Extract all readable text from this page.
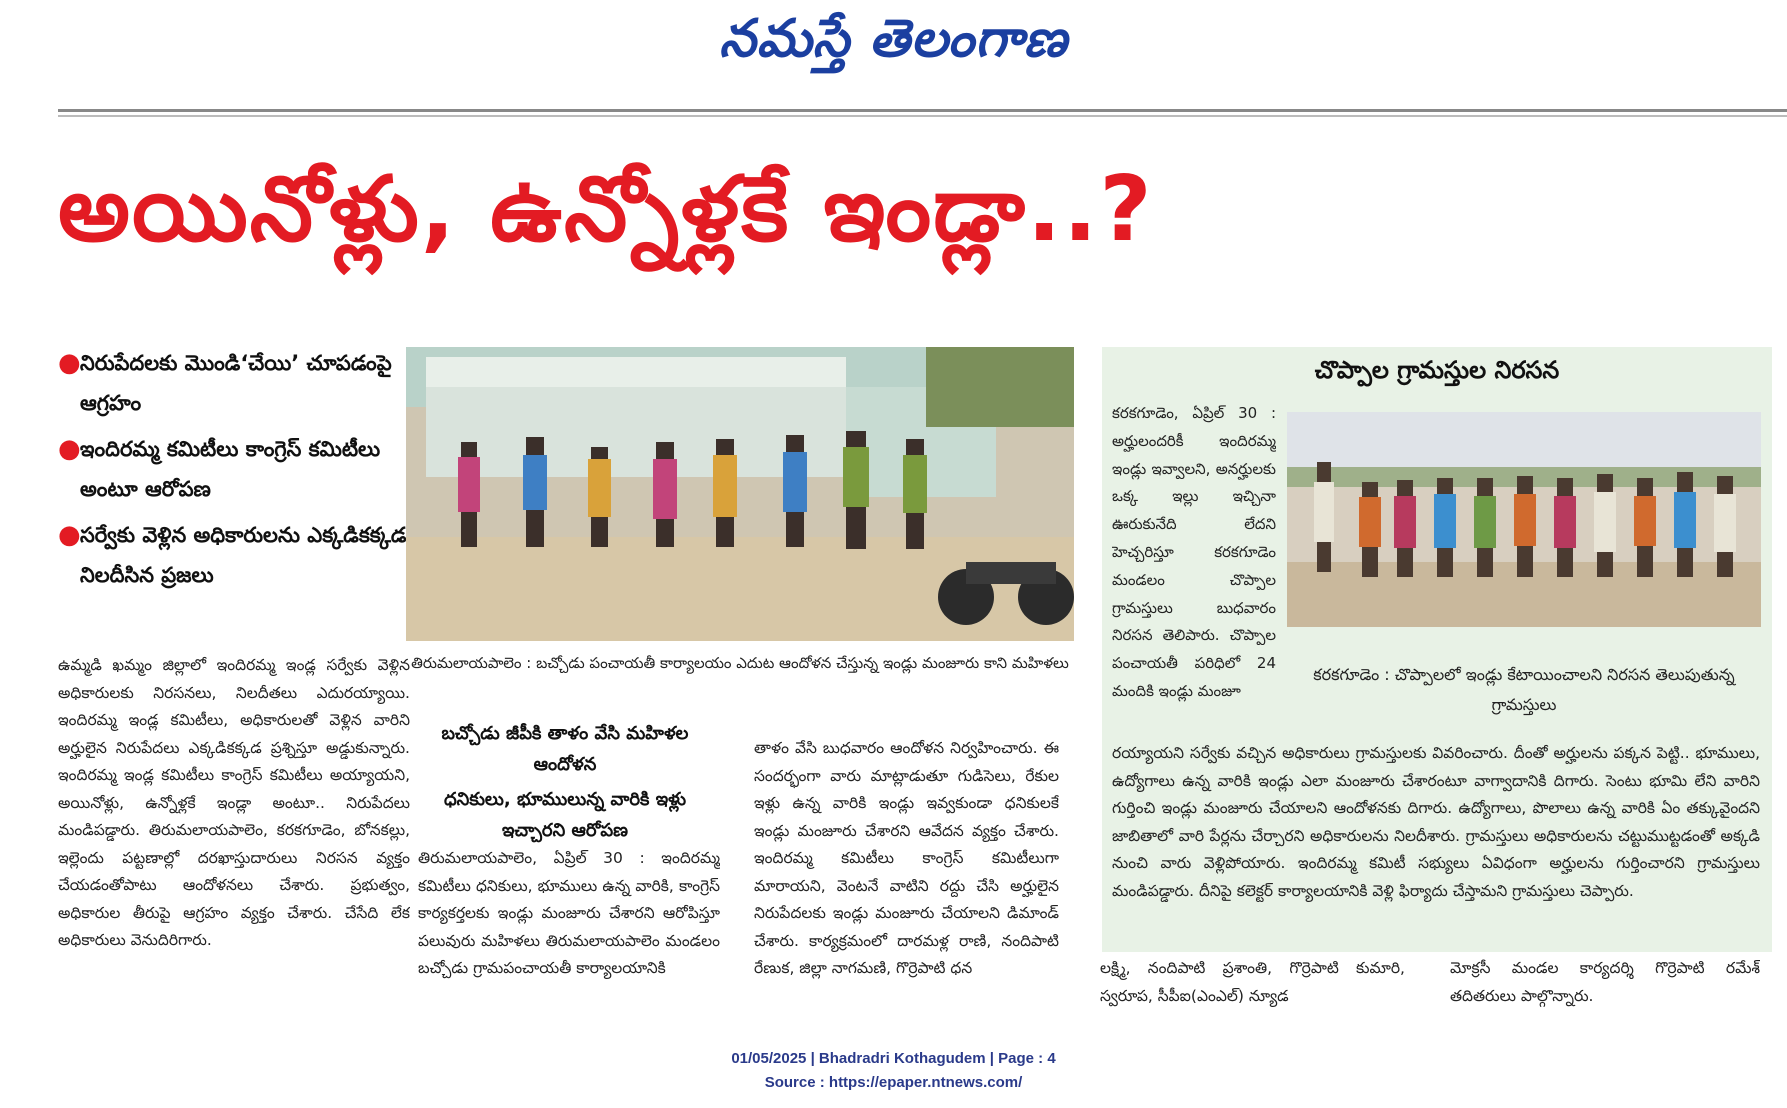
నమస్తే తెలంగాణ
అయినోళ్లు, ఉన్నోళ్లకే ఇండ్లా..?
● నిరుపేదలకు మొండి‘చేయి’ చూపడంపై ఆగ్రహం
● ఇందిరమ్మ కమిటీలు కాంగ్రెస్ కమిటీలు అంటూ ఆరోపణ
● సర్వేకు వెళ్లిన అధికారులను ఎక్కడికక్కడ నిలదీసిన ప్రజలు
ఉమ్మడి ఖమ్మం జిల్లాలో ఇందిరమ్మ ఇండ్ల సర్వేకు వెళ్లిన అధికారులకు నిరసనలు, నిలదీతలు ఎదురయ్యాయి. ఇందిరమ్మ ఇండ్ల కమిటీలు, అధికారులతో వెళ్లిన వారిని అర్హులైన నిరుపేదలు ఎక్కడికక్కడ ప్రశ్నిస్తూ అడ్డుకున్నారు. ఇందిరమ్మ ఇండ్ల కమిటీలు కాంగ్రెస్ కమిటీలు అయ్యాయని, అయినోళ్లు, ఉన్నోళ్లకే ఇండ్లా అంటూ.. నిరుపేదలు మండిపడ్డారు. తిరుమలాయపాలెం, కరకగూడెం, బోనకల్లు, ఇల్లెందు పట్టణాల్లో దరఖాస్తుదారులు నిరసన వ్యక్తం చేయడంతోపాటు ఆందోళనలు చేశారు. ప్రభుత్వం, అధికారుల తీరుపై ఆగ్రహం వ్యక్తం చేశారు. చేసేది లేక అధికారులు వెనుదిరిగారు.
తిరుమలాయపాలెం : బచ్చోడు పంచాయతీ కార్యాలయం ఎదుట ఆందోళన చేస్తున్న ఇండ్లు మంజూరు కాని మహిళలు
బచ్చోడు జీపీకి తాళం వేసి మహిళల ఆందోళన
ధనికులు, భూములున్న వారికి ఇళ్లు ఇచ్చారని ఆరోపణ
తిరుమలాయపాలెం, ఏప్రిల్ 30 : ఇందిరమ్మ కమిటీలు ధనికులు, భూములు ఉన్న వారికి, కాంగ్రెస్ కార్యకర్తలకు ఇండ్లు మంజూరు చేశారని ఆరోపిస్తూ పలువురు మహిళలు తిరుమలాయపాలెం మండలం బచ్చోడు గ్రామపంచాయతీ కార్యాలయానికి
తాళం వేసి బుధవారం ఆందోళన నిర్వహించారు. ఈ సందర్భంగా వారు మాట్లాడుతూ గుడిసెలు, రేకుల ఇళ్లు ఉన్న వారికి ఇండ్లు ఇవ్వకుండా ధనికులకే ఇండ్లు మంజూరు చేశారని ఆవేదన వ్యక్తం చేశారు. ఇందిరమ్మ కమిటీలు కాంగ్రెస్ కమిటీలుగా మారాయని, వెంటనే వాటిని రద్దు చేసి అర్హులైన నిరుపేదలకు ఇండ్లు మంజూరు చేయాలని డిమాండ్ చేశారు. కార్యక్రమంలో దారమళ్ల రాణి, నందిపాటి రేణుక, జిల్లా నాగమణి, గొర్రెపాటి ధన	లక్ష్మి, నందిపాటి ప్రశాంతి, గొర్రెపాటి కుమారి, స్వరూప, సీపీఐ(ఎంఎల్) న్యూడ
మోక్రసీ మండల కార్యదర్శి గొర్రెపాటి రమేశ్ తదితరులు పాల్గొన్నారు.
చొప్పాల గ్రామస్తుల నిరసన
కరకగూడెం, ఏప్రిల్ 30 : అర్హులందరికీ ఇందిరమ్మ ఇండ్లు ఇవ్వాలని, అనర్హులకు ఒక్క ఇల్లు ఇచ్చినా ఊరుకునేది లేదని హెచ్చరిస్తూ కరకగూడెం మండలం చొప్పాల గ్రామస్తులు బుధవారం నిరసన తెలిపారు. చొప్పాల పంచాయతీ పరిధిలో 24 మందికి ఇండ్లు మంజూ
కరకగూడెం : చొప్పాలలో ఇండ్లు కేటాయించాలని నిరసన తెలుపుతున్న గ్రామస్తులు
రయ్యాయని సర్వేకు వచ్చిన అధికారులు గ్రామస్తులకు వివరించారు. దీంతో అర్హులను పక్కన పెట్టి.. భూములు, ఉద్యోగాలు ఉన్న వారికి ఇండ్లు ఎలా మంజూరు చేశారంటూ వాగ్వాదానికి దిగారు. సెంటు భూమి లేని వారిని గుర్తించి ఇండ్లు మంజూరు చేయాలని ఆందోళనకు దిగారు. ఉద్యోగాలు, పొలాలు ఉన్న వారికి ఏం తక్కువైందని జాబితాలో వారి పేర్లను చేర్చారని అధికారులను నిలదీశారు. గ్రామస్తులు అధికారులను చట్టుముట్టడంతో అక్కడి నుంచి వారు వెళ్లిపోయారు. ఇందిరమ్మ కమిటీ సభ్యులు ఏవిధంగా అర్హులను గుర్తించారని గ్రామస్తులు మండిపడ్డారు. దీనిపై కలెక్టర్ కార్యాలయానికి వెళ్లి ఫిర్యాదు చేస్తామని గ్రామస్తులు చెప్పారు.
01/05/2025 | Bhadradri Kothagudem | Page : 4
Source : https://epaper.ntnews.com/
